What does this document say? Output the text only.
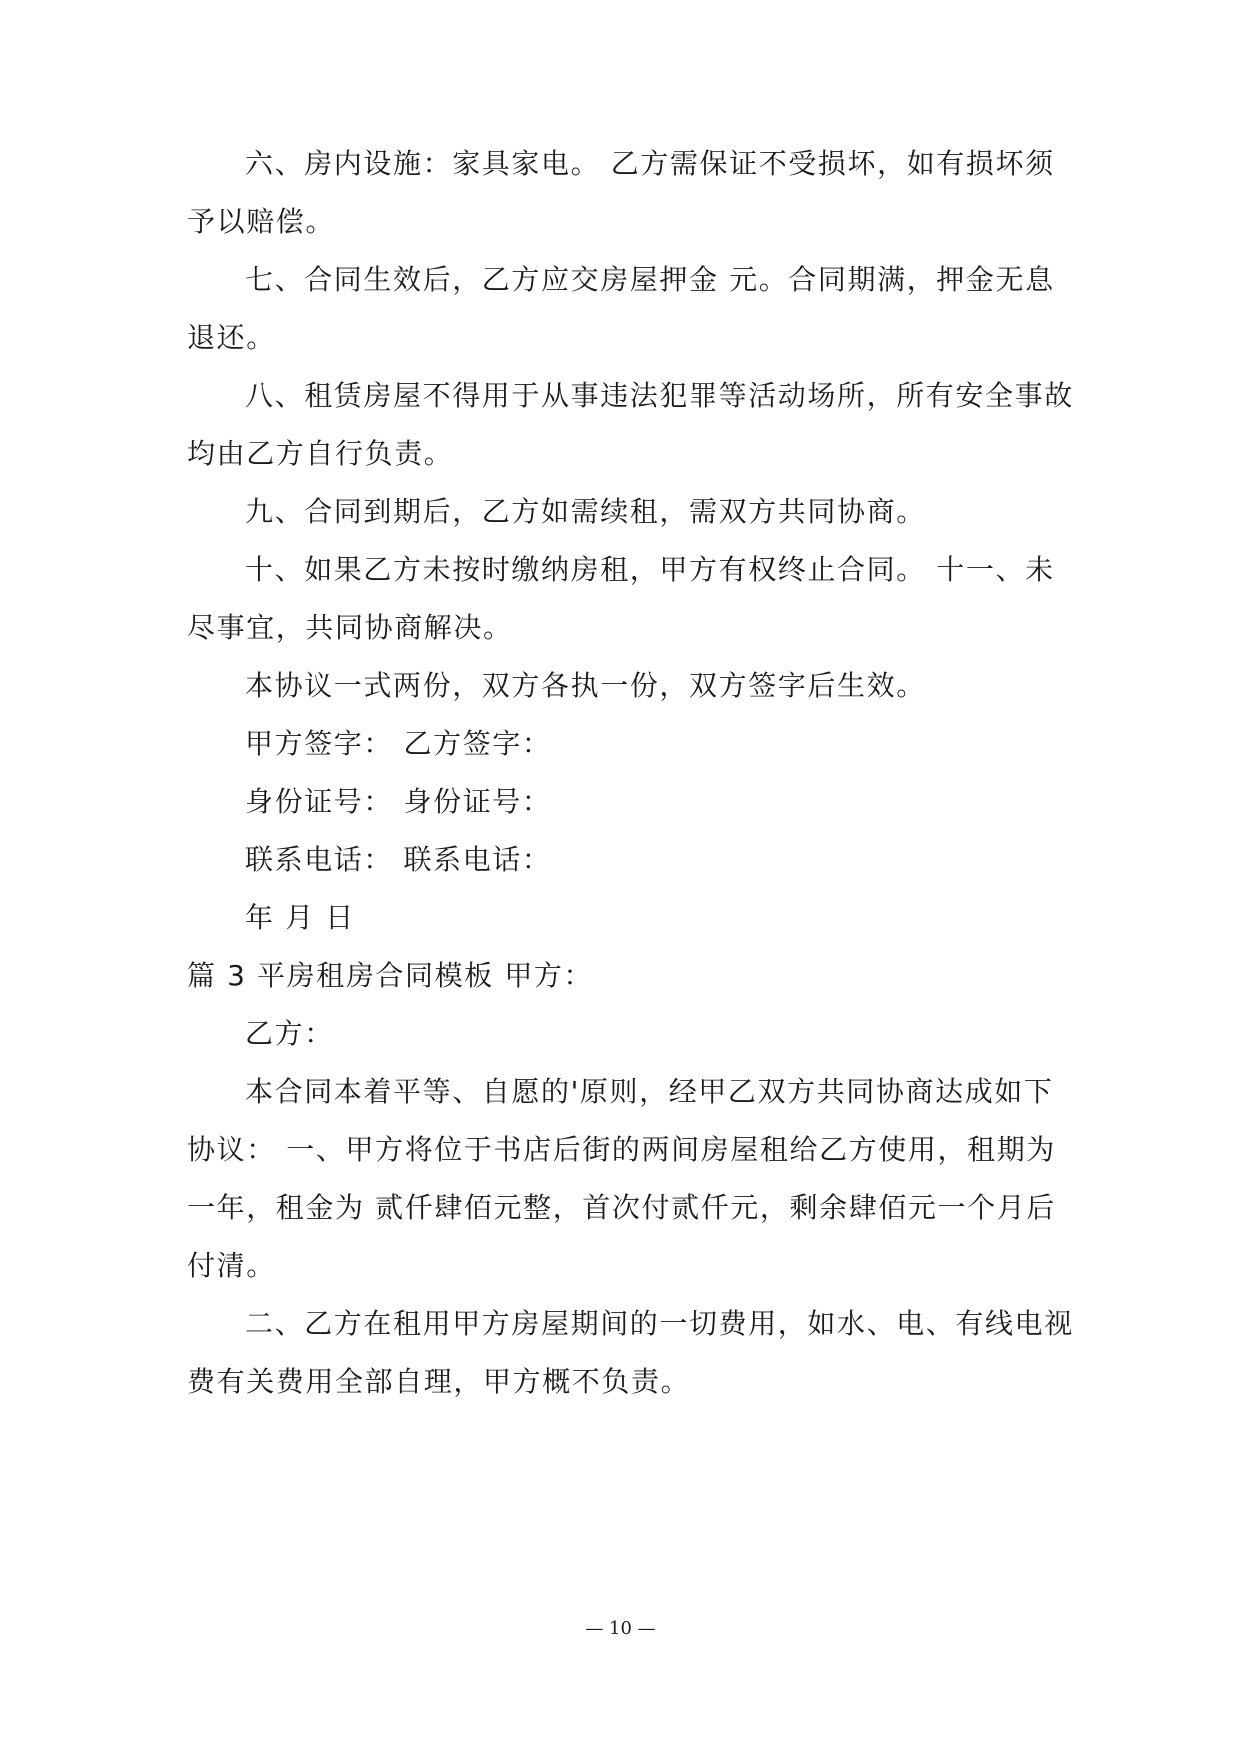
六、房内设施：家具家电。 乙方需保证不受损坏，如有损坏须
予以赔偿。
七、合同生效后，乙方应交房屋押金 元。合同期满，押金无息
退还。
八、租赁房屋不得用于从事违法犯罪等活动场所，所有安全事故
均由乙方自行负责。
九、合同到期后，乙方如需续租，需双方共同协商。
十、如果乙方未按时缴纳房租，甲方有权终止合同。 十一、未
尽事宜，共同协商解决。
本协议一式两份，双方各执一份，双方签字后生效。
甲方签字： 乙方签字：
身份证号： 身份证号：
联系电话： 联系电话：
年 月 日
篇 3 平房租房合同模板 甲方：
乙方：
本合同本着平等、自愿的'原则，经甲乙双方共同协商达成如下
协议： 一、甲方将位于书店后街的两间房屋租给乙方使用，租期为
一年，租金为 贰仟肆佰元整，首次付贰仟元，剩余肆佰元一个月后
付清。
二、乙方在租用甲方房屋期间的一切费用，如水、电、有线电视
费有关费用全部自理，甲方概不负责。
— 10 —
